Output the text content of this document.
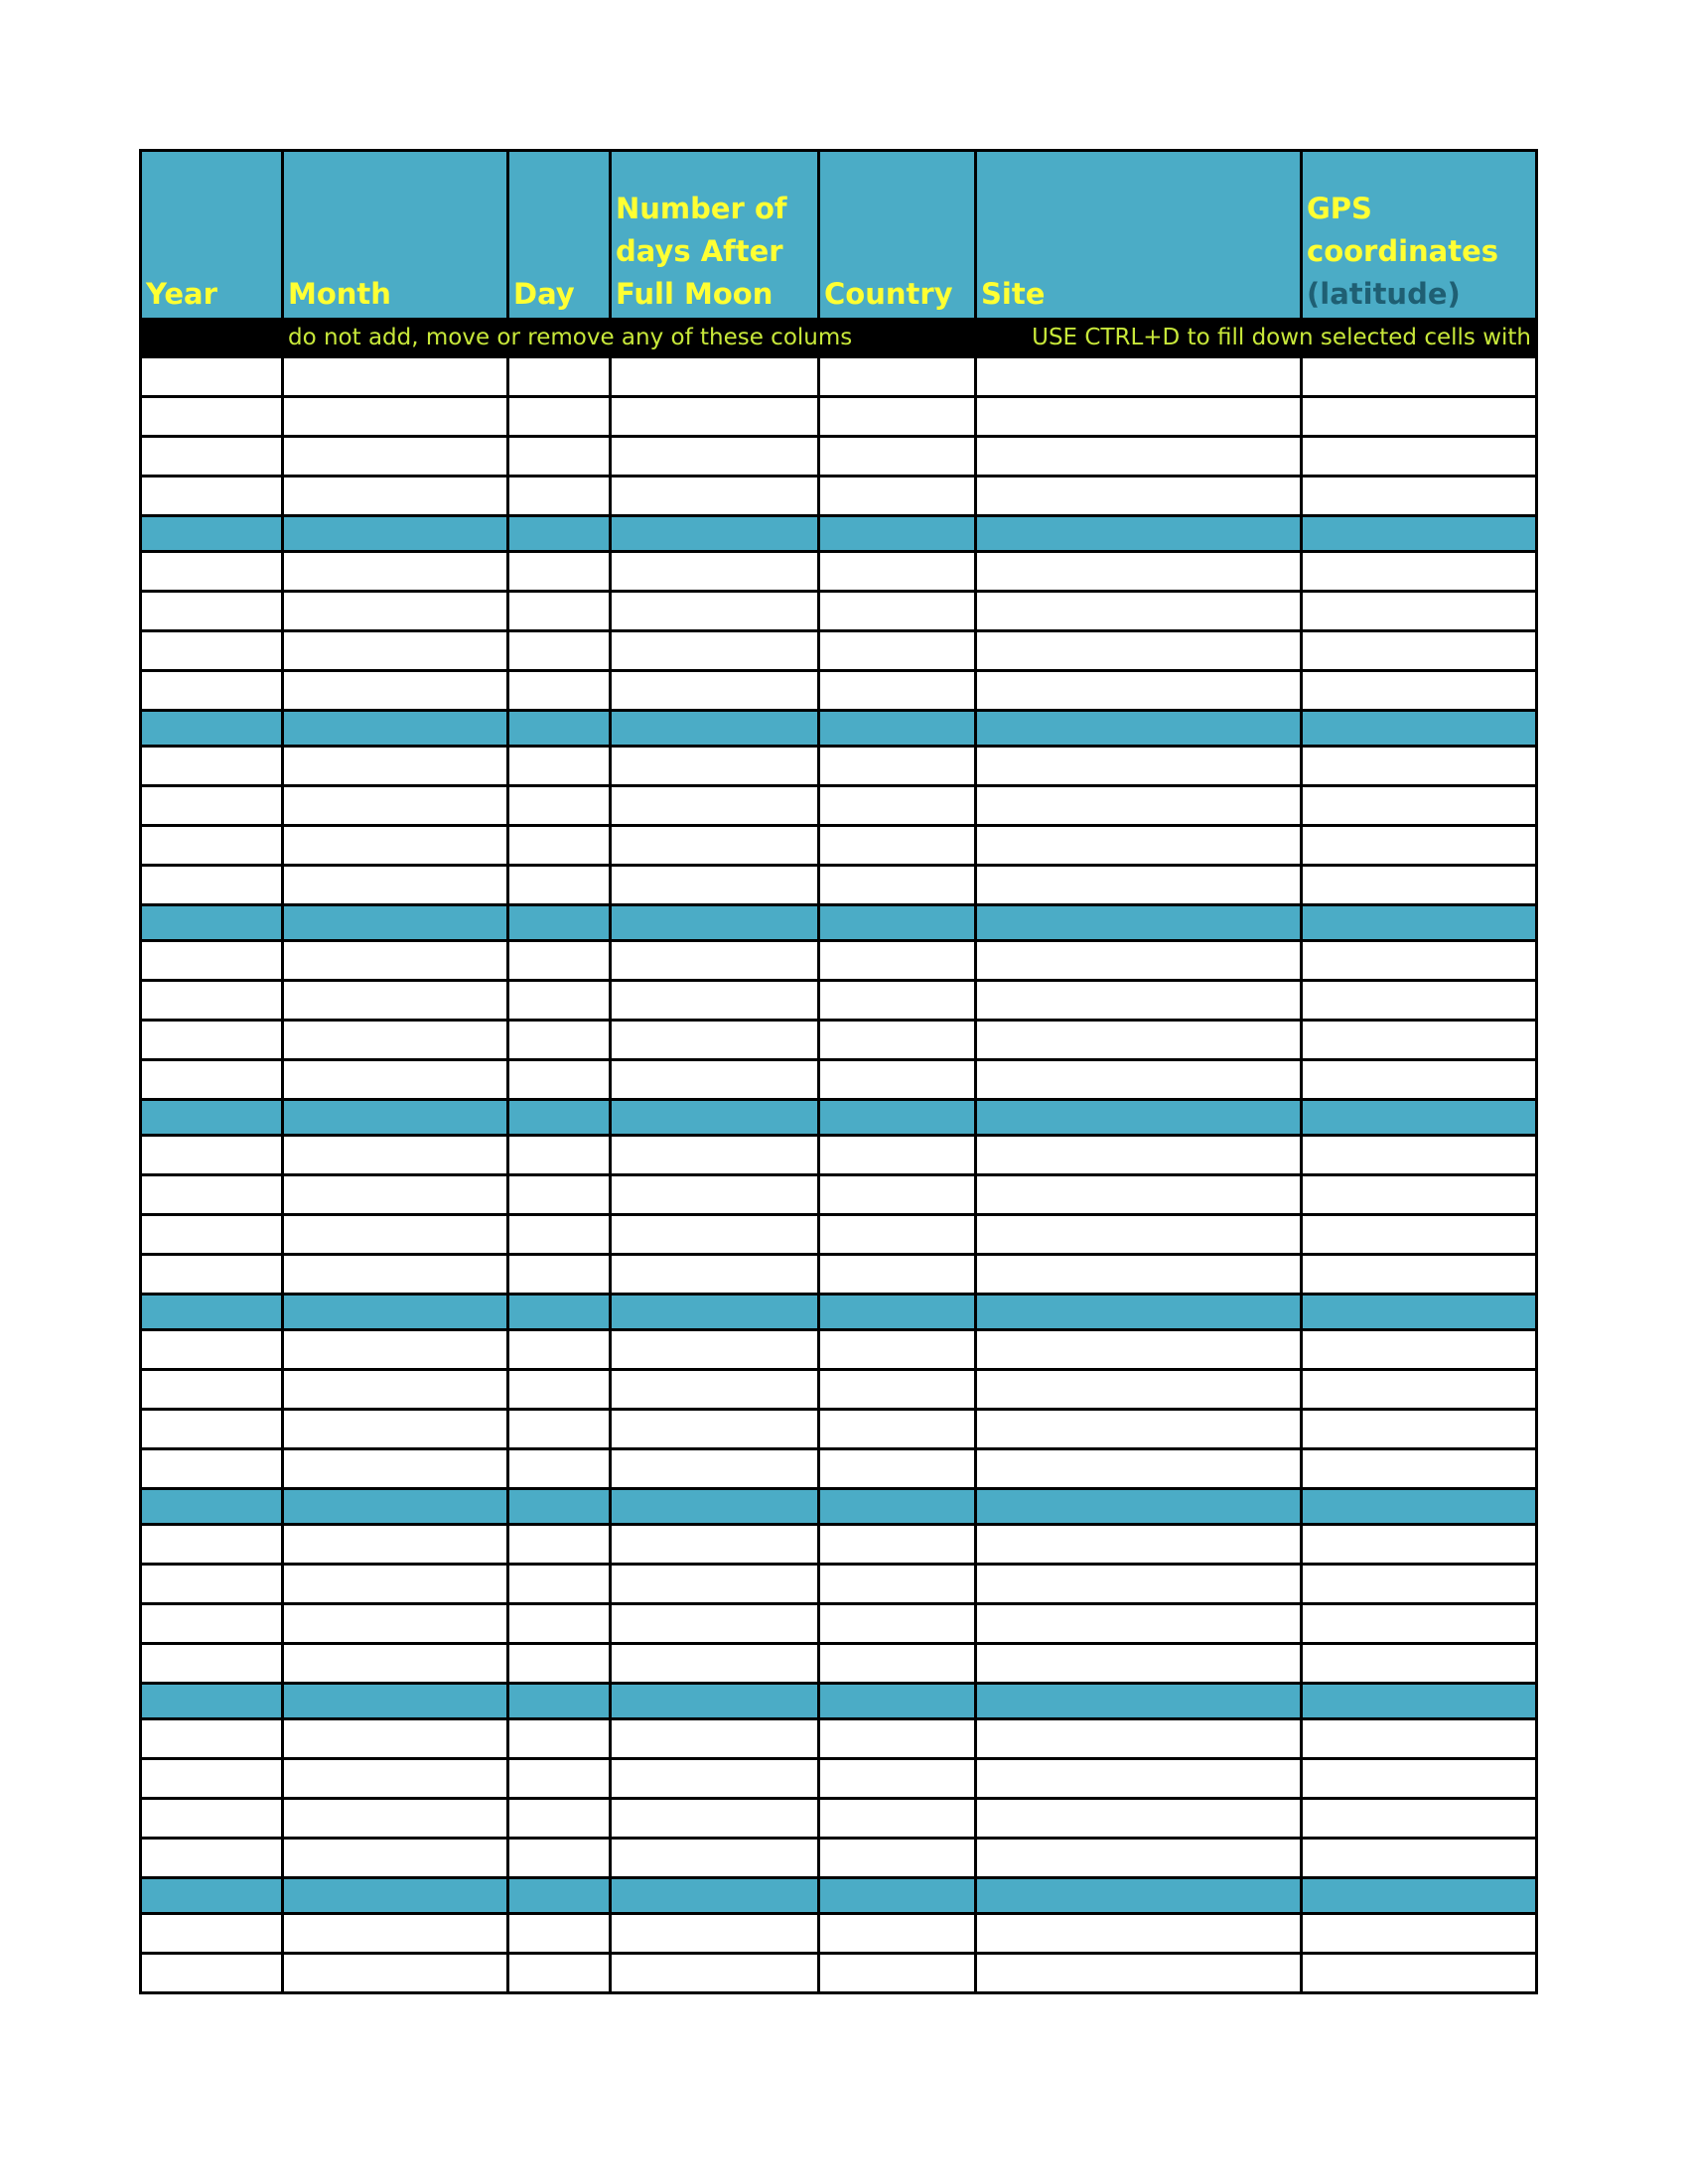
Year	Month	Day	Number of days After Full Moon	Country	Site	GPS coordinates
(latitude)

	do not add, move or remove any of these colums					USE CTRL+D to fill down selected cells with
